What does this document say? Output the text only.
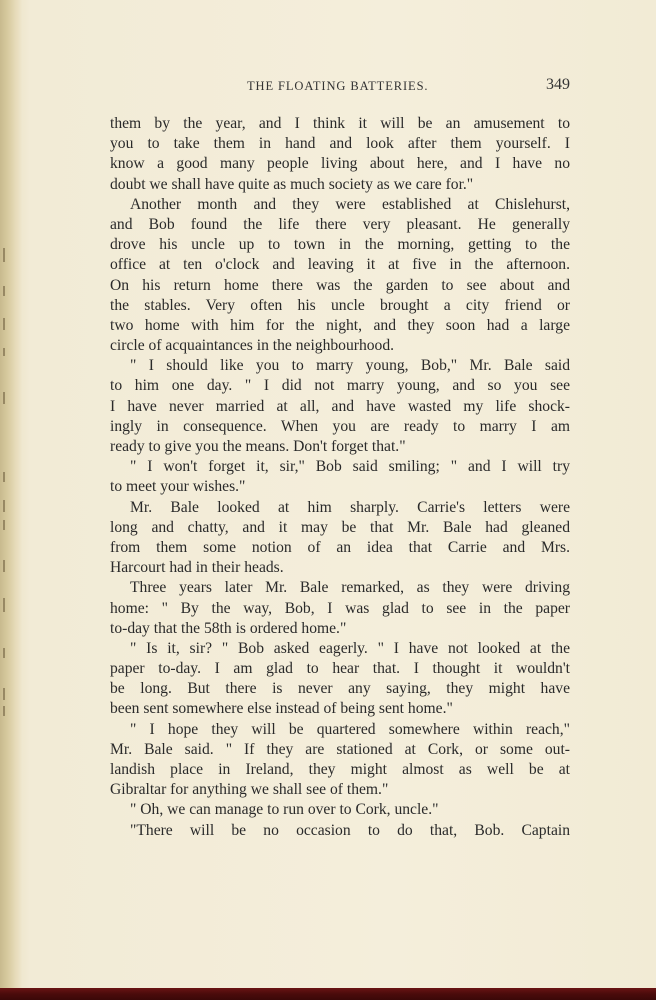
THE FLOATING BATTERIES.	349
them by the year, and I think it will be an amusement to
you to take them in hand and look after them yourself. I
know a good many people living about here, and I have no
doubt we shall have quite as much society as we care for."
Another month and they were established at Chislehurst,
and Bob found the life there very pleasant. He generally
drove his uncle up to town in the morning, getting to the
office at ten o'clock and leaving it at five in the afternoon.
On his return home there was the garden to see about and
the stables. Very often his uncle brought a city friend or
two home with him for the night, and they soon had a large
circle of acquaintances in the neighbourhood.
" I should like you to marry young, Bob," Mr. Bale said
to him one day. " I did not marry young, and so you see
I have never married at all, and have wasted my life shock-
ingly in consequence. When you are ready to marry I am
ready to give you the means. Don't forget that."
" I won't forget it, sir," Bob said smiling; " and I will try
to meet your wishes."
Mr. Bale looked at him sharply. Carrie's letters were
long and chatty, and it may be that Mr. Bale had gleaned
from them some notion of an idea that Carrie and Mrs.
Harcourt had in their heads.
Three years later Mr. Bale remarked, as they were driving
home: " By the way, Bob, I was glad to see in the paper
to-day that the 58th is ordered home."
" Is it, sir? " Bob asked eagerly. " I have not looked at the
paper to-day. I am glad to hear that. I thought it wouldn't
be long. But there is never any saying, they might have
been sent somewhere else instead of being sent home."
" I hope they will be quartered somewhere within reach,"
Mr. Bale said. " If they are stationed at Cork, or some out-
landish place in Ireland, they might almost as well be at
Gibraltar for anything we shall see of them."
" Oh, we can manage to run over to Cork, uncle."
"There will be no occasion to do that, Bob. Captain
